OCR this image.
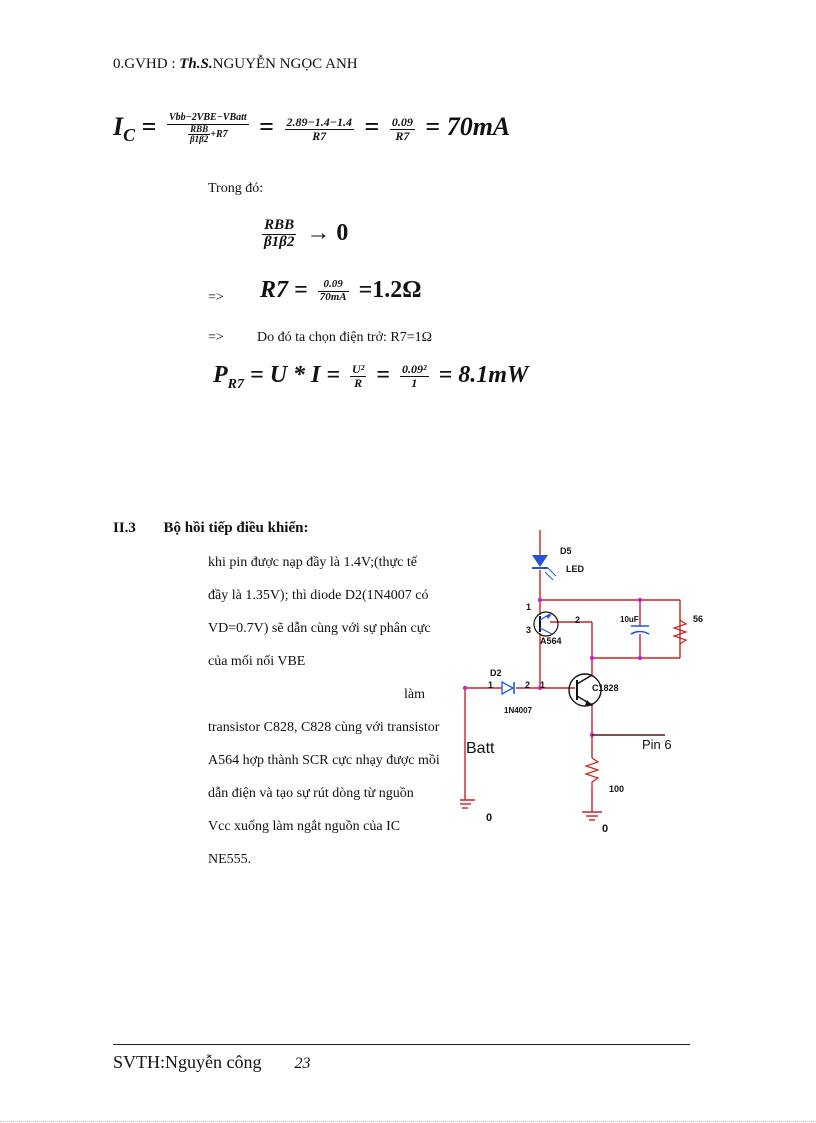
0.GVHD : Th.S.NGUYỄN NGỌC ANH
$I_C = \frac{\text{Vbb−2VBE−VBatt}}{\frac{\text{RBB}}{\beta 1\beta 2} +R7} = \frac{2.89-1.4-1.4}{R7} = \frac{0.09}{R7} = 70mA$
Trong đó:
$\frac{\text{RBB}}{\beta 1\beta 2} \to 0$
=> $R7 = \frac{0.09}{70mA} =1.2\Omega$
=> Do đó ta chọn điện trở: R7=1Ω
$P_{R7} = U * I = \frac{\text{U²}}{R} = \frac{\text{0.09²}}{1} = 8.1mW$
II.3 Bộ hồi tiếp điều khiển:
khi pin được nạp đầy là 1.4V;(thực tế
đầy là 1.35V); thì diode D2(1N4007 có
VD=0.7V) sẽ dẫn cùng với sự phân cực
của mối nối VBE
làm
transistor C828, C828 cùng với transistor
A564 hợp thành SCR cực nhạy được mồi
dẫn điện và tạo sự rút dòng từ nguồn
Vcc xuống làm ngắt nguồn của IC
NE555.
D5
LED
1
2
3
A564
10uF	56
D2
1	2 1
1N4007
C1828
100
0
0
Batt	Pin 6
SVTH:Nguyễn công 23
